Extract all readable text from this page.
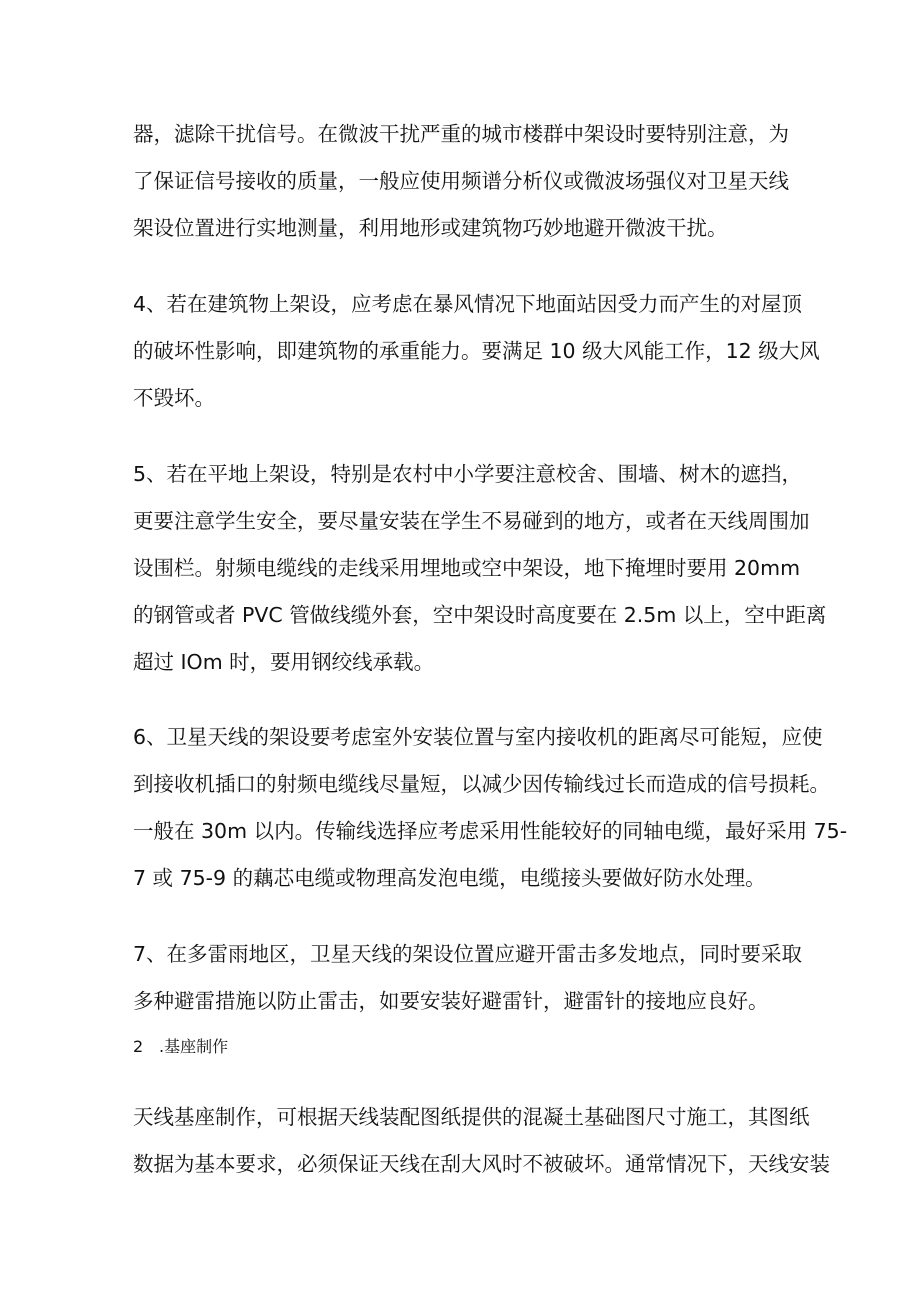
器，滤除干扰信号。在微波干扰严重的城市楼群中架设时要特别注意，为
了保证信号接收的质量，一般应使用频谱分析仪或微波场强仪对卫星天线
架设位置进行实地测量，利用地形或建筑物巧妙地避开微波干扰。
4、若在建筑物上架设，应考虑在暴风情况下地面站因受力而产生的对屋顶
的破坏性影响，即建筑物的承重能力。要满足 10 级大风能工作，12 级大风
不毁坏。
5、若在平地上架设，特别是农村中小学要注意校舍、围墙、树木的遮挡，
更要注意学生安全，要尽量安装在学生不易碰到的地方，或者在天线周围加
设围栏。射频电缆线的走线采用埋地或空中架设，地下掩埋时要用 20mm
的钢管或者 PVC 管做线缆外套，空中架设时高度要在 2.5m 以上，空中距离
超过 IOm 时，要用钢绞线承载。
6、卫星天线的架设要考虑室外安装位置与室内接收机的距离尽可能短，应使
到接收机插口的射频电缆线尽量短，以减少因传输线过长而造成的信号损耗。
一般在 30m 以内。传输线选择应考虑采用性能较好的同轴电缆，最好采用 75-
7 或 75-9 的藕芯电缆或物理高发泡电缆，电缆接头要做好防水处理。
7、在多雷雨地区，卫星天线的架设位置应避开雷击多发地点，同时要采取
多种避雷措施以防止雷击，如要安装好避雷针，避雷针的接地应良好。
2 .基座制作
天线基座制作，可根据天线装配图纸提供的混凝土基础图尺寸施工，其图纸
数据为基本要求，必须保证天线在刮大风时不被破坏。通常情况下，天线安装
